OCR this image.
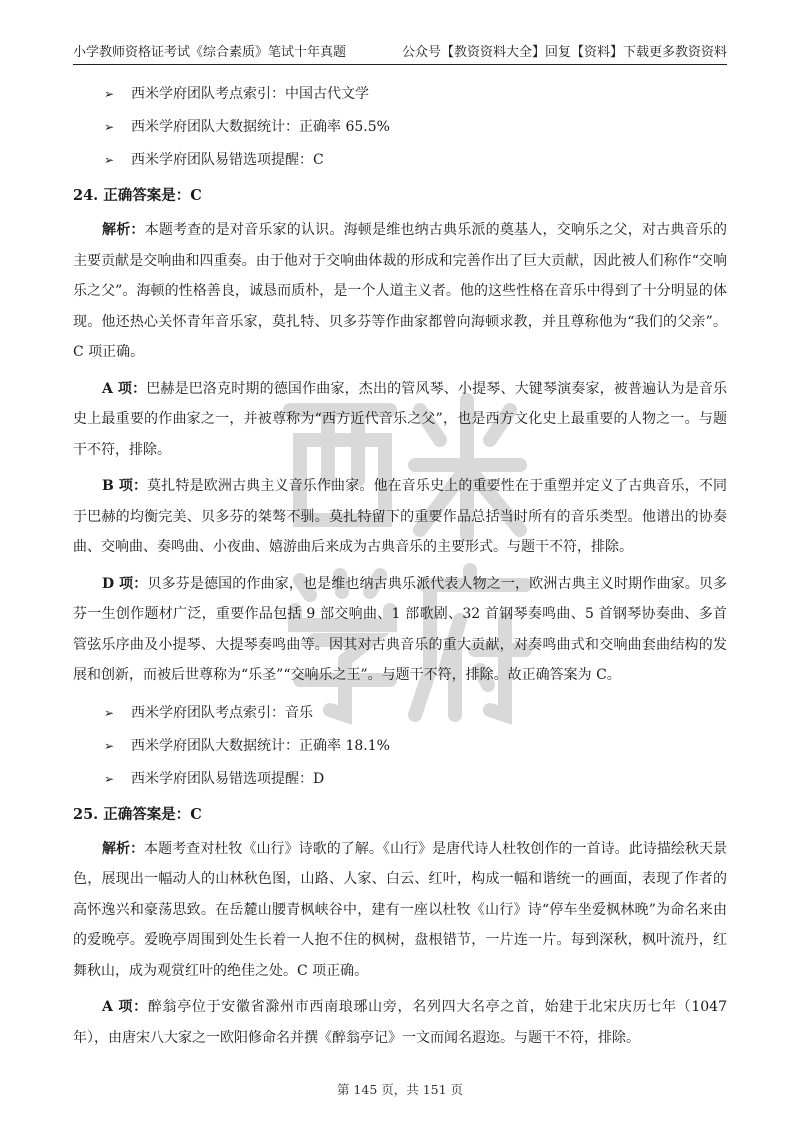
小学教师资格证考试《综合素质》笔试十年真题	公众号【教资资料大全】回复【资料】下载更多教资资料
➢ 西米学府团队考点索引：中国古代文学
➢ 西米学府团队大数据统计：正确率 65.5%
➢ 西米学府团队易错选项提醒：C
24. 正确答案是：C

解析：本题考查的是对音乐家的认识。海顿是维也纳古典乐派的奠基人，交响乐之父，对古典音乐的主要贡献是交响曲和四重奏。由于他对于交响曲体裁的形成和完善作出了巨大贡献，因此被人们称作“交响乐之父”。海顿的性格善良，诚恳而质朴，是一个人道主义者。他的这些性格在音乐中得到了十分明显的体现。他还热心关怀青年音乐家，莫扎特、贝多芬等作曲家都曾向海顿求教，并且尊称他为“我们的父亲”。C 项正确。

A 项：巴赫是巴洛克时期的德国作曲家，杰出的管风琴、小提琴、大键琴演奏家，被普遍认为是音乐史上最重要的作曲家之一，并被尊称为“西方近代音乐之父”，也是西方文化史上最重要的人物之一。与题干不符，排除。

B 项：莫扎特是欧洲古典主义音乐作曲家。他在音乐史上的重要性在于重塑并定义了古典音乐，不同于巴赫的均衡完美、贝多芬的桀骜不驯。莫扎特留下的重要作品总括当时所有的音乐类型。他谱出的协奏曲、交响曲、奏鸣曲、小夜曲、嬉游曲后来成为古典音乐的主要形式。与题干不符，排除。

D 项：贝多芬是德国的作曲家，也是维也纳古典乐派代表人物之一，欧洲古典主义时期作曲家。贝多芬一生创作题材广泛，重要作品包括 9 部交响曲、1 部歌剧、32 首钢琴奏鸣曲、5 首钢琴协奏曲、多首管弦乐序曲及小提琴、大提琴奏鸣曲等。因其对古典音乐的重大贡献，对奏鸣曲式和交响曲套曲结构的发展和创新，而被后世尊称为“乐圣”“交响乐之王”。与题干不符，排除。故正确答案为 C。

➢ 西米学府团队考点索引：音乐
➢ 西米学府团队大数据统计：正确率 18.1%
➢ 西米学府团队易错选项提醒：D
25. 正确答案是：C

解析：本题考查对杜牧《山行》诗歌的了解。《山行》是唐代诗人杜牧创作的一首诗。此诗描绘秋天景色，展现出一幅动人的山林秋色图，山路、人家、白云、红叶，构成一幅和谐统一的画面，表现了作者的高怀逸兴和豪荡思致。在岳麓山腰青枫峡谷中，建有一座以杜牧《山行》诗“停车坐爱枫林晚”为命名来由的爱晚亭。爱晚亭周围到处生长着一人抱不住的枫树，盘根错节，一片连一片。每到深秋，枫叶流丹，红舞秋山，成为观赏红叶的绝佳之处。C 项正确。

A 项：醉翁亭位于安徽省滁州市西南琅琊山旁，名列四大名亭之首，始建于北宋庆历七年（1047 年），由唐宋八大家之一欧阳修命名并撰《醉翁亭记》一文而闻名遐迩。与题干不符，排除。

第 145 页，共 151 页
